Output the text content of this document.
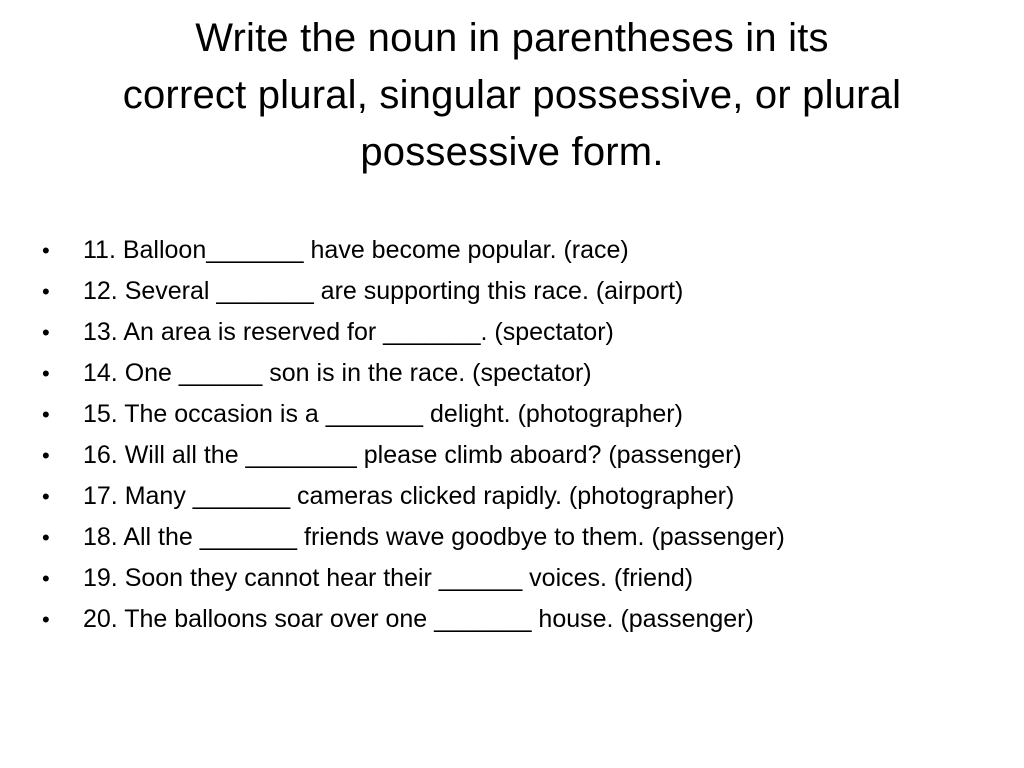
Write the noun in parentheses in its
correct plural, singular possessive, or plural
possessive form.
• 11. Balloon_______ have become popular. (race)
• 12. Several _______ are supporting this race. (airport)
• 13. An area is reserved for _______. (spectator)
• 14. One ______ son is in the race. (spectator)
• 15. The occasion is a _______ delight. (photographer)
• 16. Will all the ________ please climb aboard? (passenger)
• 17. Many _______ cameras clicked rapidly. (photographer)
• 18. All the _______ friends wave goodbye to them. (passenger)
• 19. Soon they cannot hear their ______ voices. (friend)
• 20. The balloons soar over one _______ house. (passenger)
